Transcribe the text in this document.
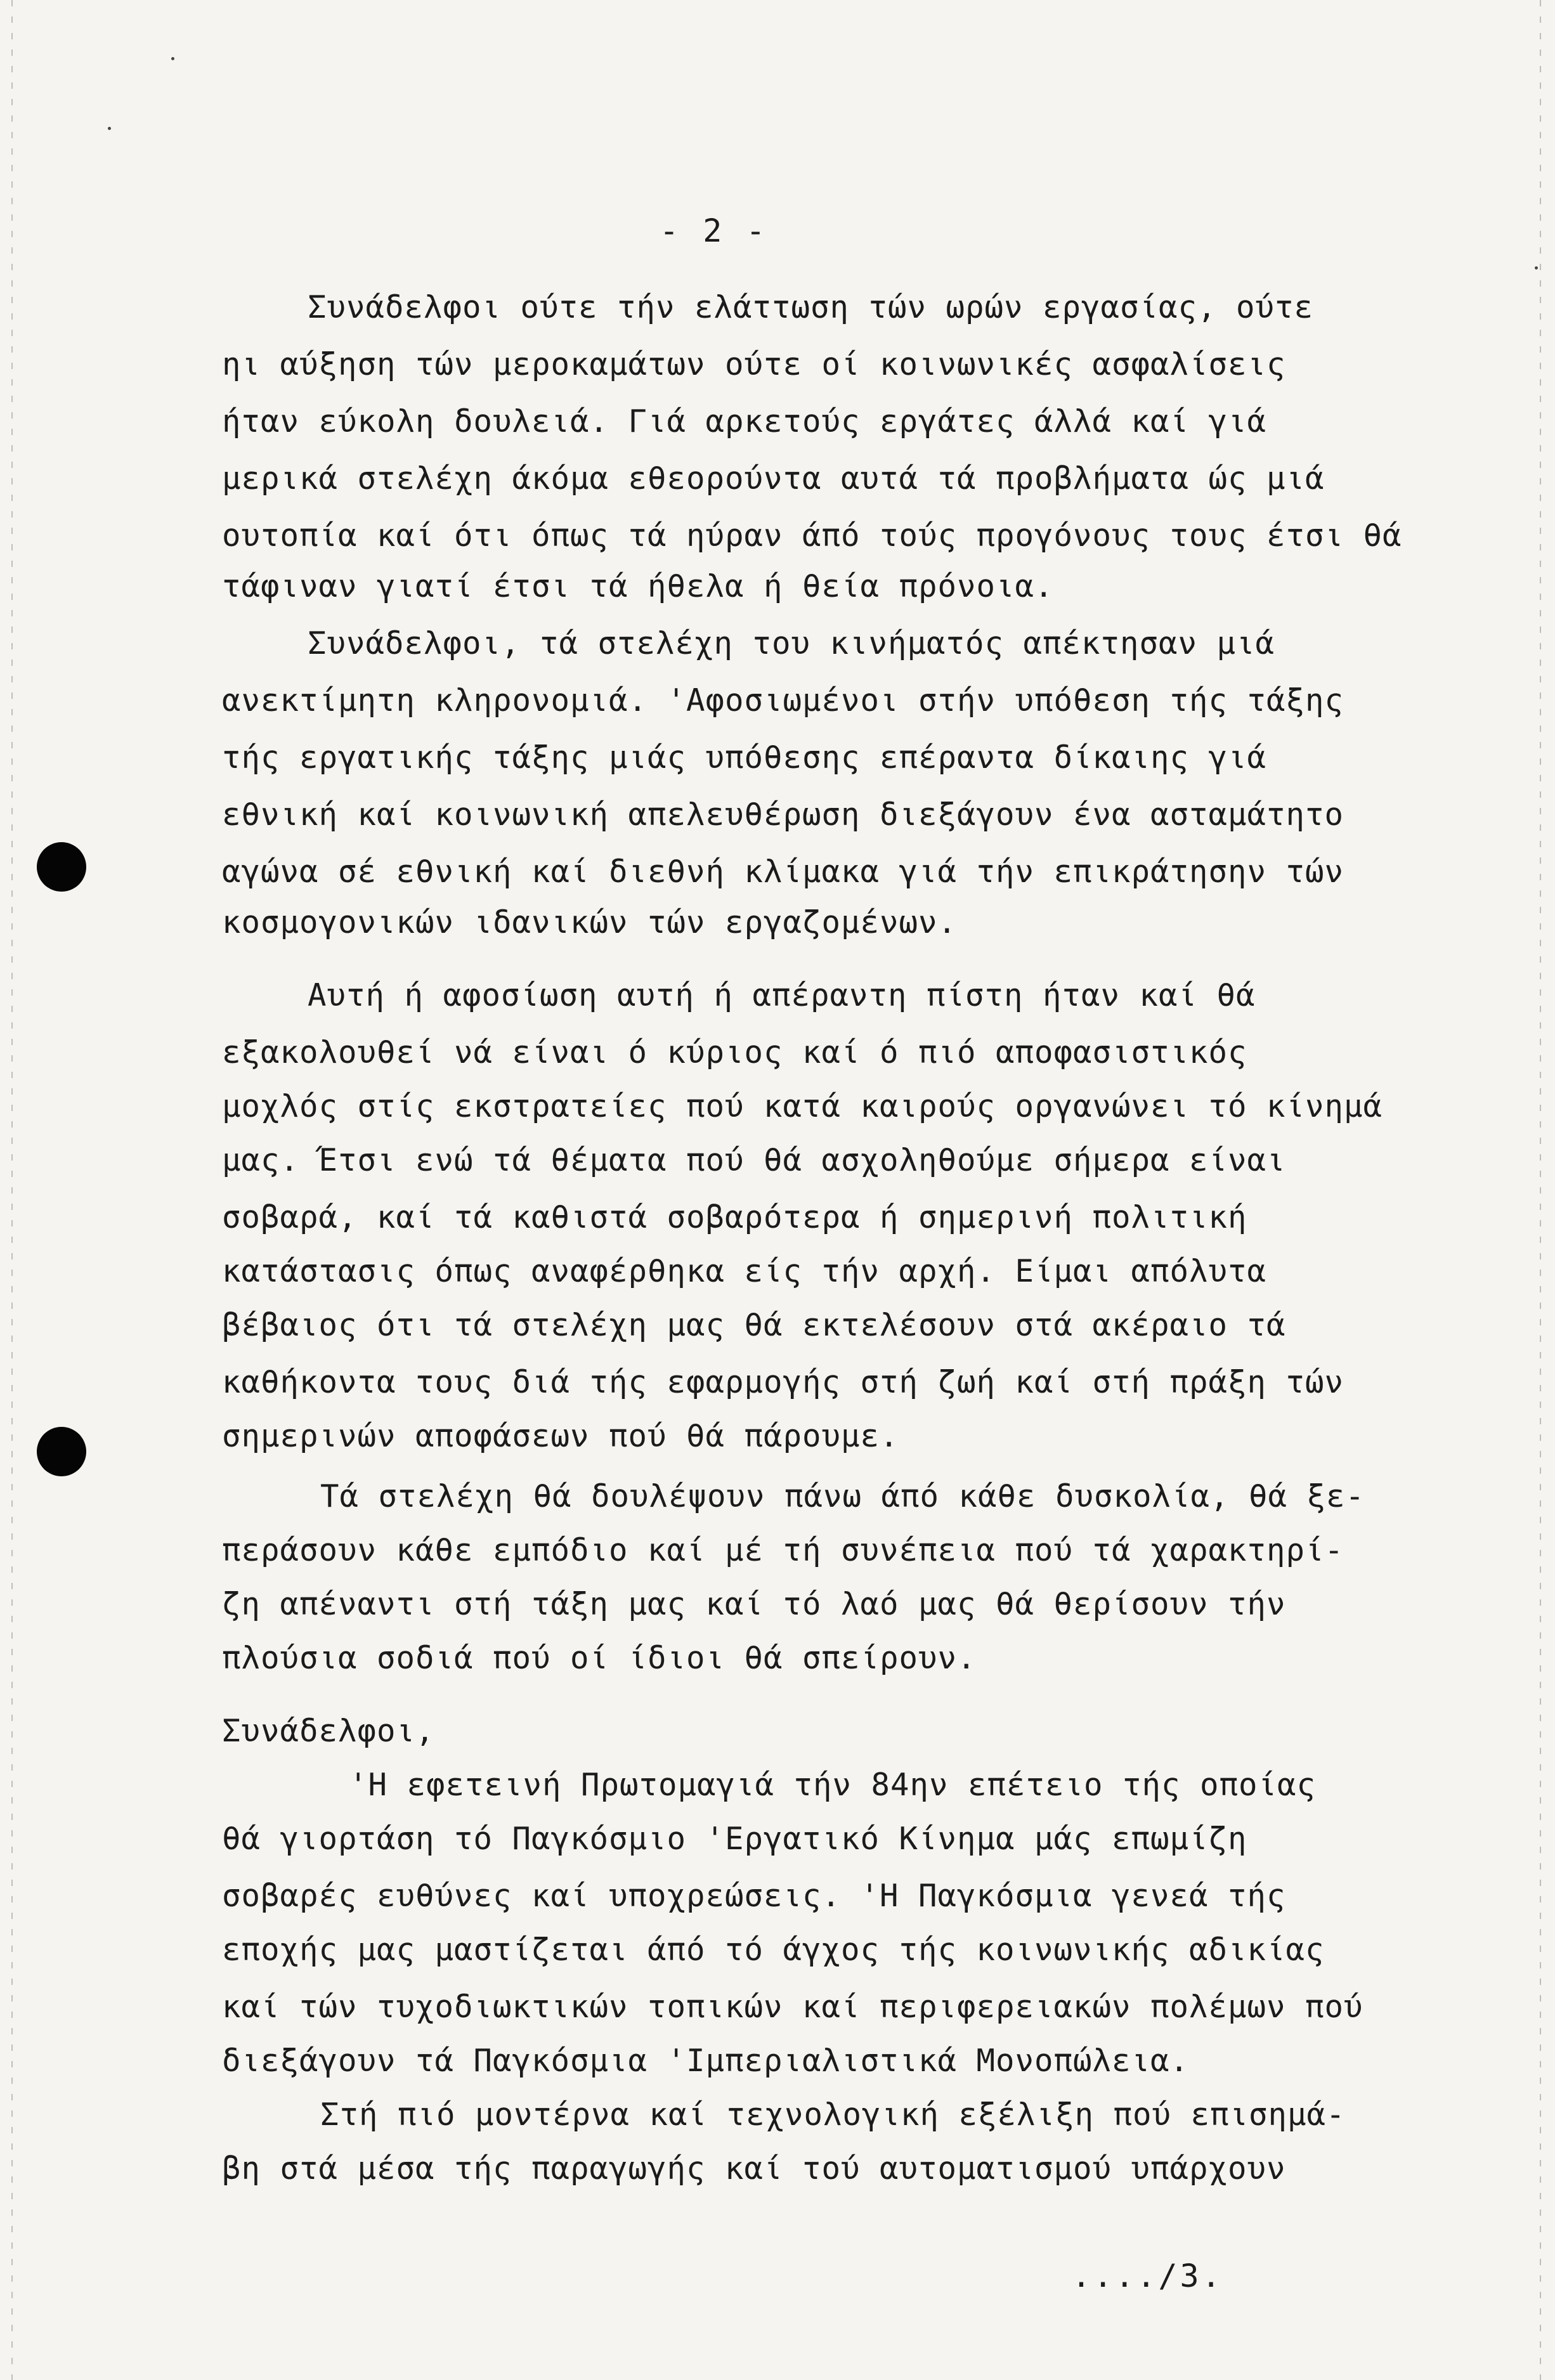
- 2 -
Συνάδελφοι ούτε τήν ελάττωση τών ωρών εργασίας, ούτε
ηι αύξηση τών μεροκαμάτων ούτε οί κοινωνικές ασφαλίσεις
ήταν εύκολη δουλειά. Γιά αρκετούς εργάτες άλλά καί γιά
μερικά στελέχη άκόμα εθεορούντα αυτά τά προβλήματα ώς μιά
ουτοπία καί ότι όπως τά ηύραν άπό τούς προγόνους τους έτσι θά
τάφιναν γιατί έτσι τά ήθελα ή θεία πρόνοια.
Συνάδελφοι, τά στελέχη του κινήματός απέκτησαν μιά
ανεκτίμητη κληρονομιά. 'Αφοσιωμένοι στήν υπόθεση τής τάξης
τής εργατικής τάξης μιάς υπόθεσης επέραντα δίκαιης γιά
εθνική καί κοινωνική απελευθέρωση διεξάγουν ένα ασταμάτητο
αγώνα σέ εθνική καί διεθνή κλίμακα γιά τήν επικράτησην τών
κοσμογονικών ιδανικών τών εργαζομένων.
Αυτή ή αφοσίωση αυτή ή απέραντη πίστη ήταν καί θά
εξακολουθεί νά είναι ό κύριος καί ό πιό αποφασιστικός
μοχλός στίς εκστρατείες πού κατά καιρούς οργανώνει τό κίνημά
μας. Έτσι ενώ τά θέματα πού θά ασχοληθούμε σήμερα είναι
σοβαρά, καί τά καθιστά σοβαρότερα ή σημερινή πολιτική
κατάστασις όπως αναφέρθηκα είς τήν αρχή. Είμαι απόλυτα
βέβαιος ότι τά στελέχη μας θά εκτελέσουν στά ακέραιο τά
καθήκοντα τους διά τής εφαρμογής στή ζωή καί στή πράξη τών
σημερινών αποφάσεων πού θά πάρουμε.
Τά στελέχη θά δουλέψουν πάνω άπό κάθε δυσκολία, θά ξε-
περάσουν κάθε εμπόδιο καί μέ τή συνέπεια πού τά χαρακτηρί-
ζη απέναντι στή τάξη μας καί τό λαό μας θά θερίσουν τήν
πλούσια σοδιά πού οί ίδιοι θά σπείρουν.
Συνάδελφοι,
'Η εφετεινή Πρωτομαγιά τήν 84ην επέτειο τής οποίας
θά γιορτάση τό Παγκόσμιο 'Εργατικό Κίνημα μάς επωμίζη
σοβαρές ευθύνες καί υποχρεώσεις. 'Η Παγκόσμια γενεά τής
εποχής μας μαστίζεται άπό τό άγχος τής κοινωνικής αδικίας
καί τών τυχοδιωκτικών τοπικών καί περιφερειακών πολέμων πού
διεξάγουν τά Παγκόσμια 'Ιμπεριαλιστικά Μονοπώλεια.
Στή πιό μοντέρνα καί τεχνολογική εξέλιξη πού επισημά-
βη στά μέσα τής παραγωγής καί τού αυτοματισμού υπάρχουν
..../3.
